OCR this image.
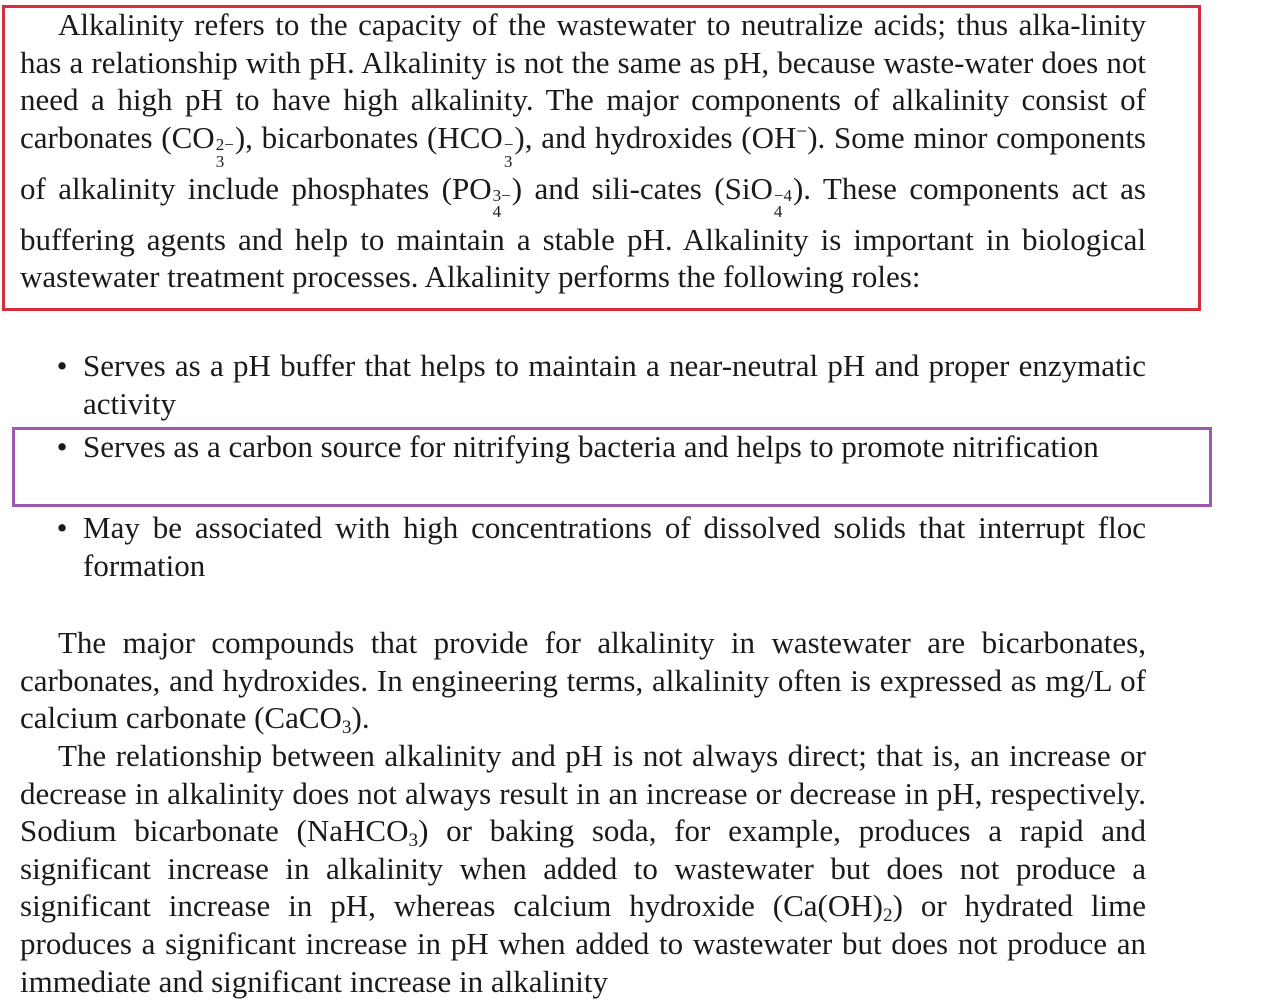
Alkalinity refers to the capacity of the wastewater to neutralize acids; thus alka-linity has a relationship with pH. Alkalinity is not the same as pH, because waste-water does not need a high pH to have high alkalinity. The major components of alkalinity consist of carbonates (CO 2−
3
), bicarbonates (HCO −
3
), and hydroxides (OH−). Some minor components of alkalinity include phosphates (PO 3−
4
) and sili-cates (SiO −4
4
). These components act as buffering agents and help to maintain a stable pH. Alkalinity is important in biological wastewater treatment processes. Alkalinity performs the following roles:

• Serves as a pH buffer that helps to maintain a near-neutral pH and proper enzymatic activity
• Serves as a carbon source for nitrifying bacteria and helps to promote nitrification
• May be associated with high concentrations of dissolved solids that interrupt floc formation

The major compounds that provide for alkalinity in wastewater are bicarbonates, carbonates, and hydroxides. In engineering terms, alkalinity often is expressed as mg/L of calcium carbonate (CaCO$_3$).

The relationship between alkalinity and pH is not always direct; that is, an increase or decrease in alkalinity does not always result in an increase or decrease in pH, respectively. Sodium bicarbonate (NaHCO$_3$) or baking soda, for example, produces a rapid and significant increase in alkalinity when added to wastewater but does not produce a significant increase in pH, whereas calcium hydroxide $(Ca(OH)_2)$ or hydrated lime produces a significant increase in pH when added to wastewater but does not produce an immediate and significant increase in alkalinity
